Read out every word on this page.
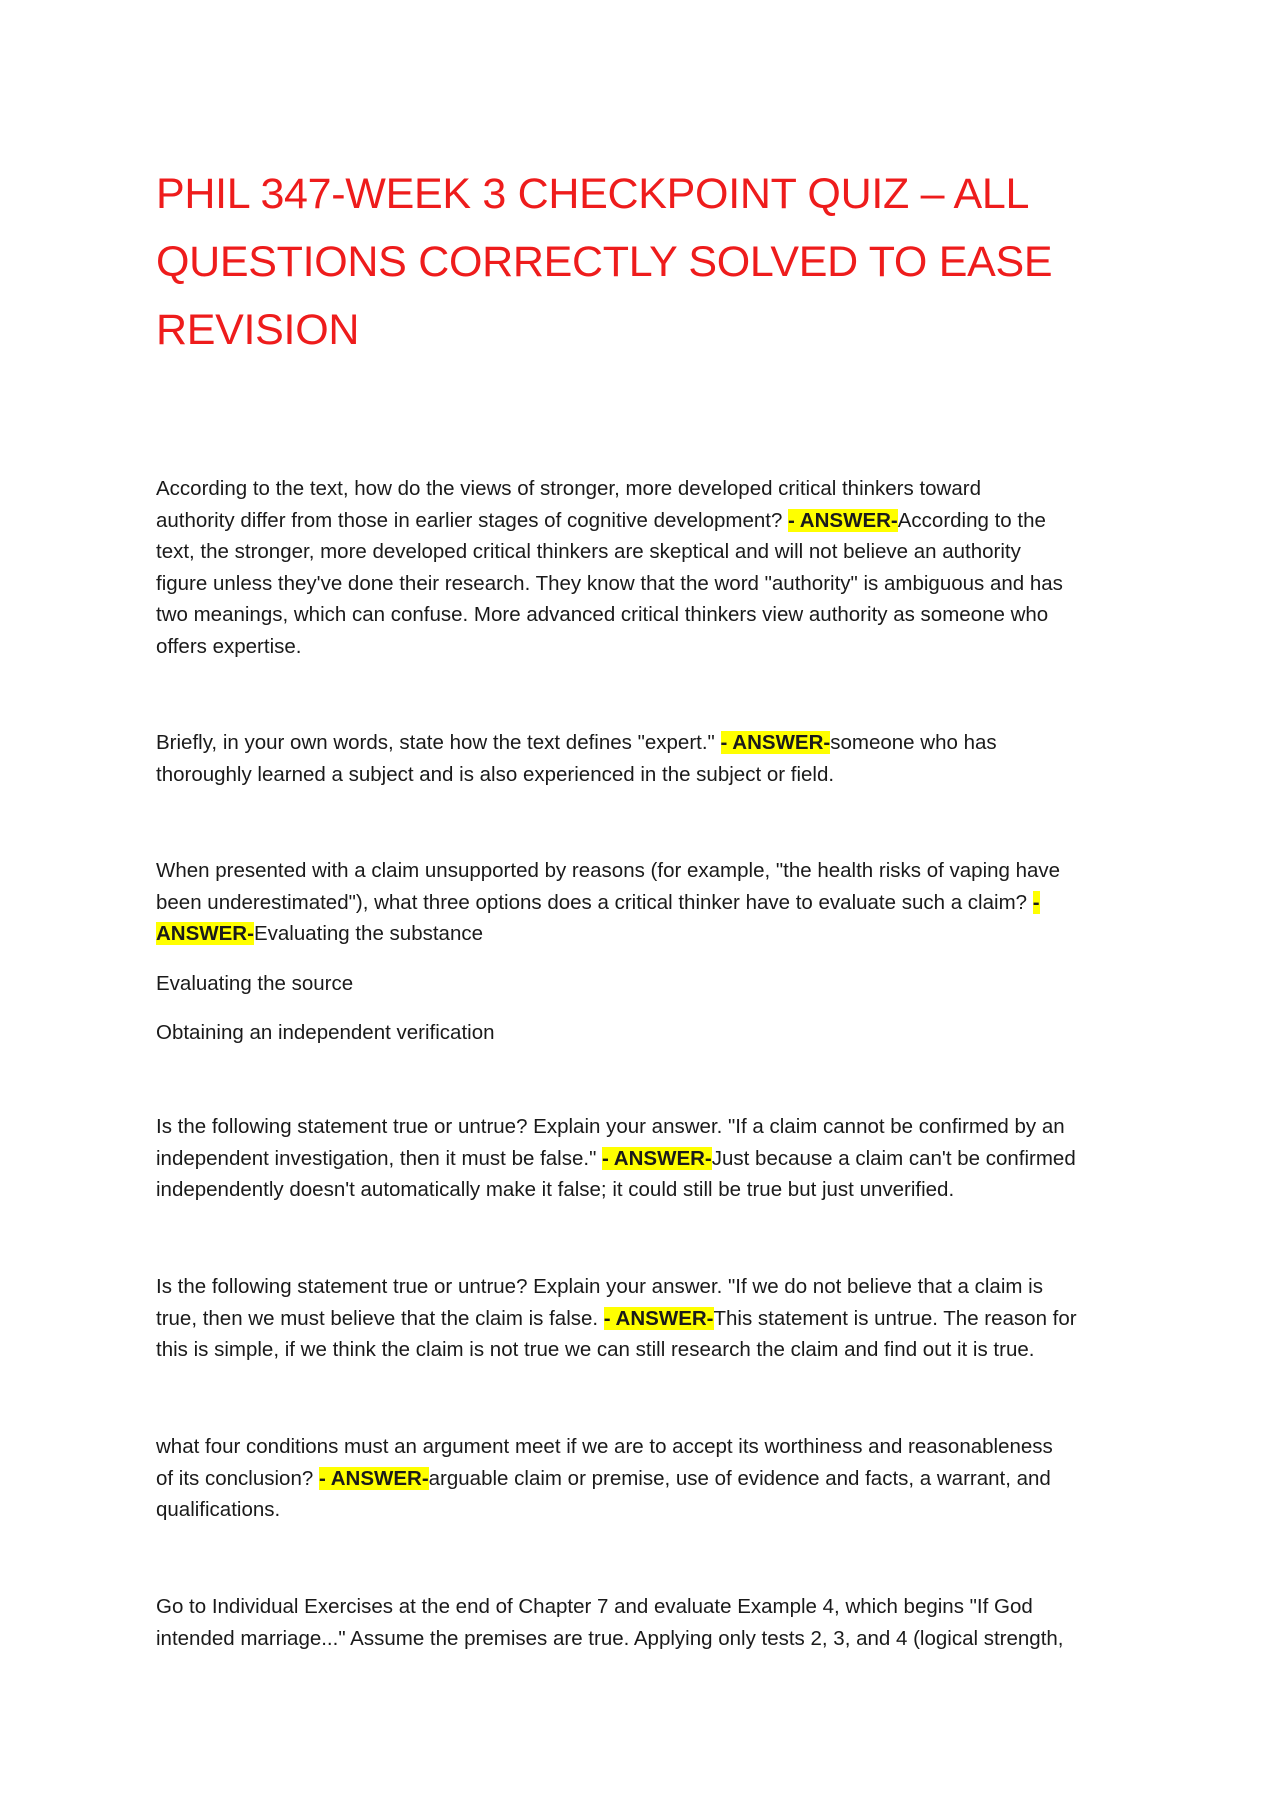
PHIL 347-WEEK 3 CHECKPOINT QUIZ – ALL
QUESTIONS CORRECTLY SOLVED TO EASE
REVISION
According to the text, how do the views of stronger, more developed critical thinkers toward
authority differ from those in earlier stages of cognitive development? - ANSWER-According to the
text, the stronger, more developed critical thinkers are skeptical and will not believe an authority
figure unless they've done their research. They know that the word "authority" is ambiguous and has
two meanings, which can confuse. More advanced critical thinkers view authority as someone who
offers expertise.
Briefly, in your own words, state how the text defines "expert." - ANSWER-someone who has
thoroughly learned a subject and is also experienced in the subject or field.
When presented with a claim unsupported by reasons (for example, "the health risks of vaping have
been underestimated"), what three options does a critical thinker have to evaluate such a claim? -
ANSWER-Evaluating the substance
Evaluating the source
Obtaining an independent verification
Is the following statement true or untrue? Explain your answer. "If a claim cannot be confirmed by an
independent investigation, then it must be false." - ANSWER-Just because a claim can't be confirmed
independently doesn't automatically make it false; it could still be true but just unverified.
Is the following statement true or untrue? Explain your answer. "If we do not believe that a claim is
true, then we must believe that the claim is false. - ANSWER-This statement is untrue. The reason for
this is simple, if we think the claim is not true we can still research the claim and find out it is true.
what four conditions must an argument meet if we are to accept its worthiness and reasonableness
of its conclusion? - ANSWER-arguable claim or premise, use of evidence and facts, a warrant, and
qualifications.
Go to Individual Exercises at the end of Chapter 7 and evaluate Example 4, which begins "If God
intended marriage..." Assume the premises are true. Applying only tests 2, 3, and 4 (logical strength,
